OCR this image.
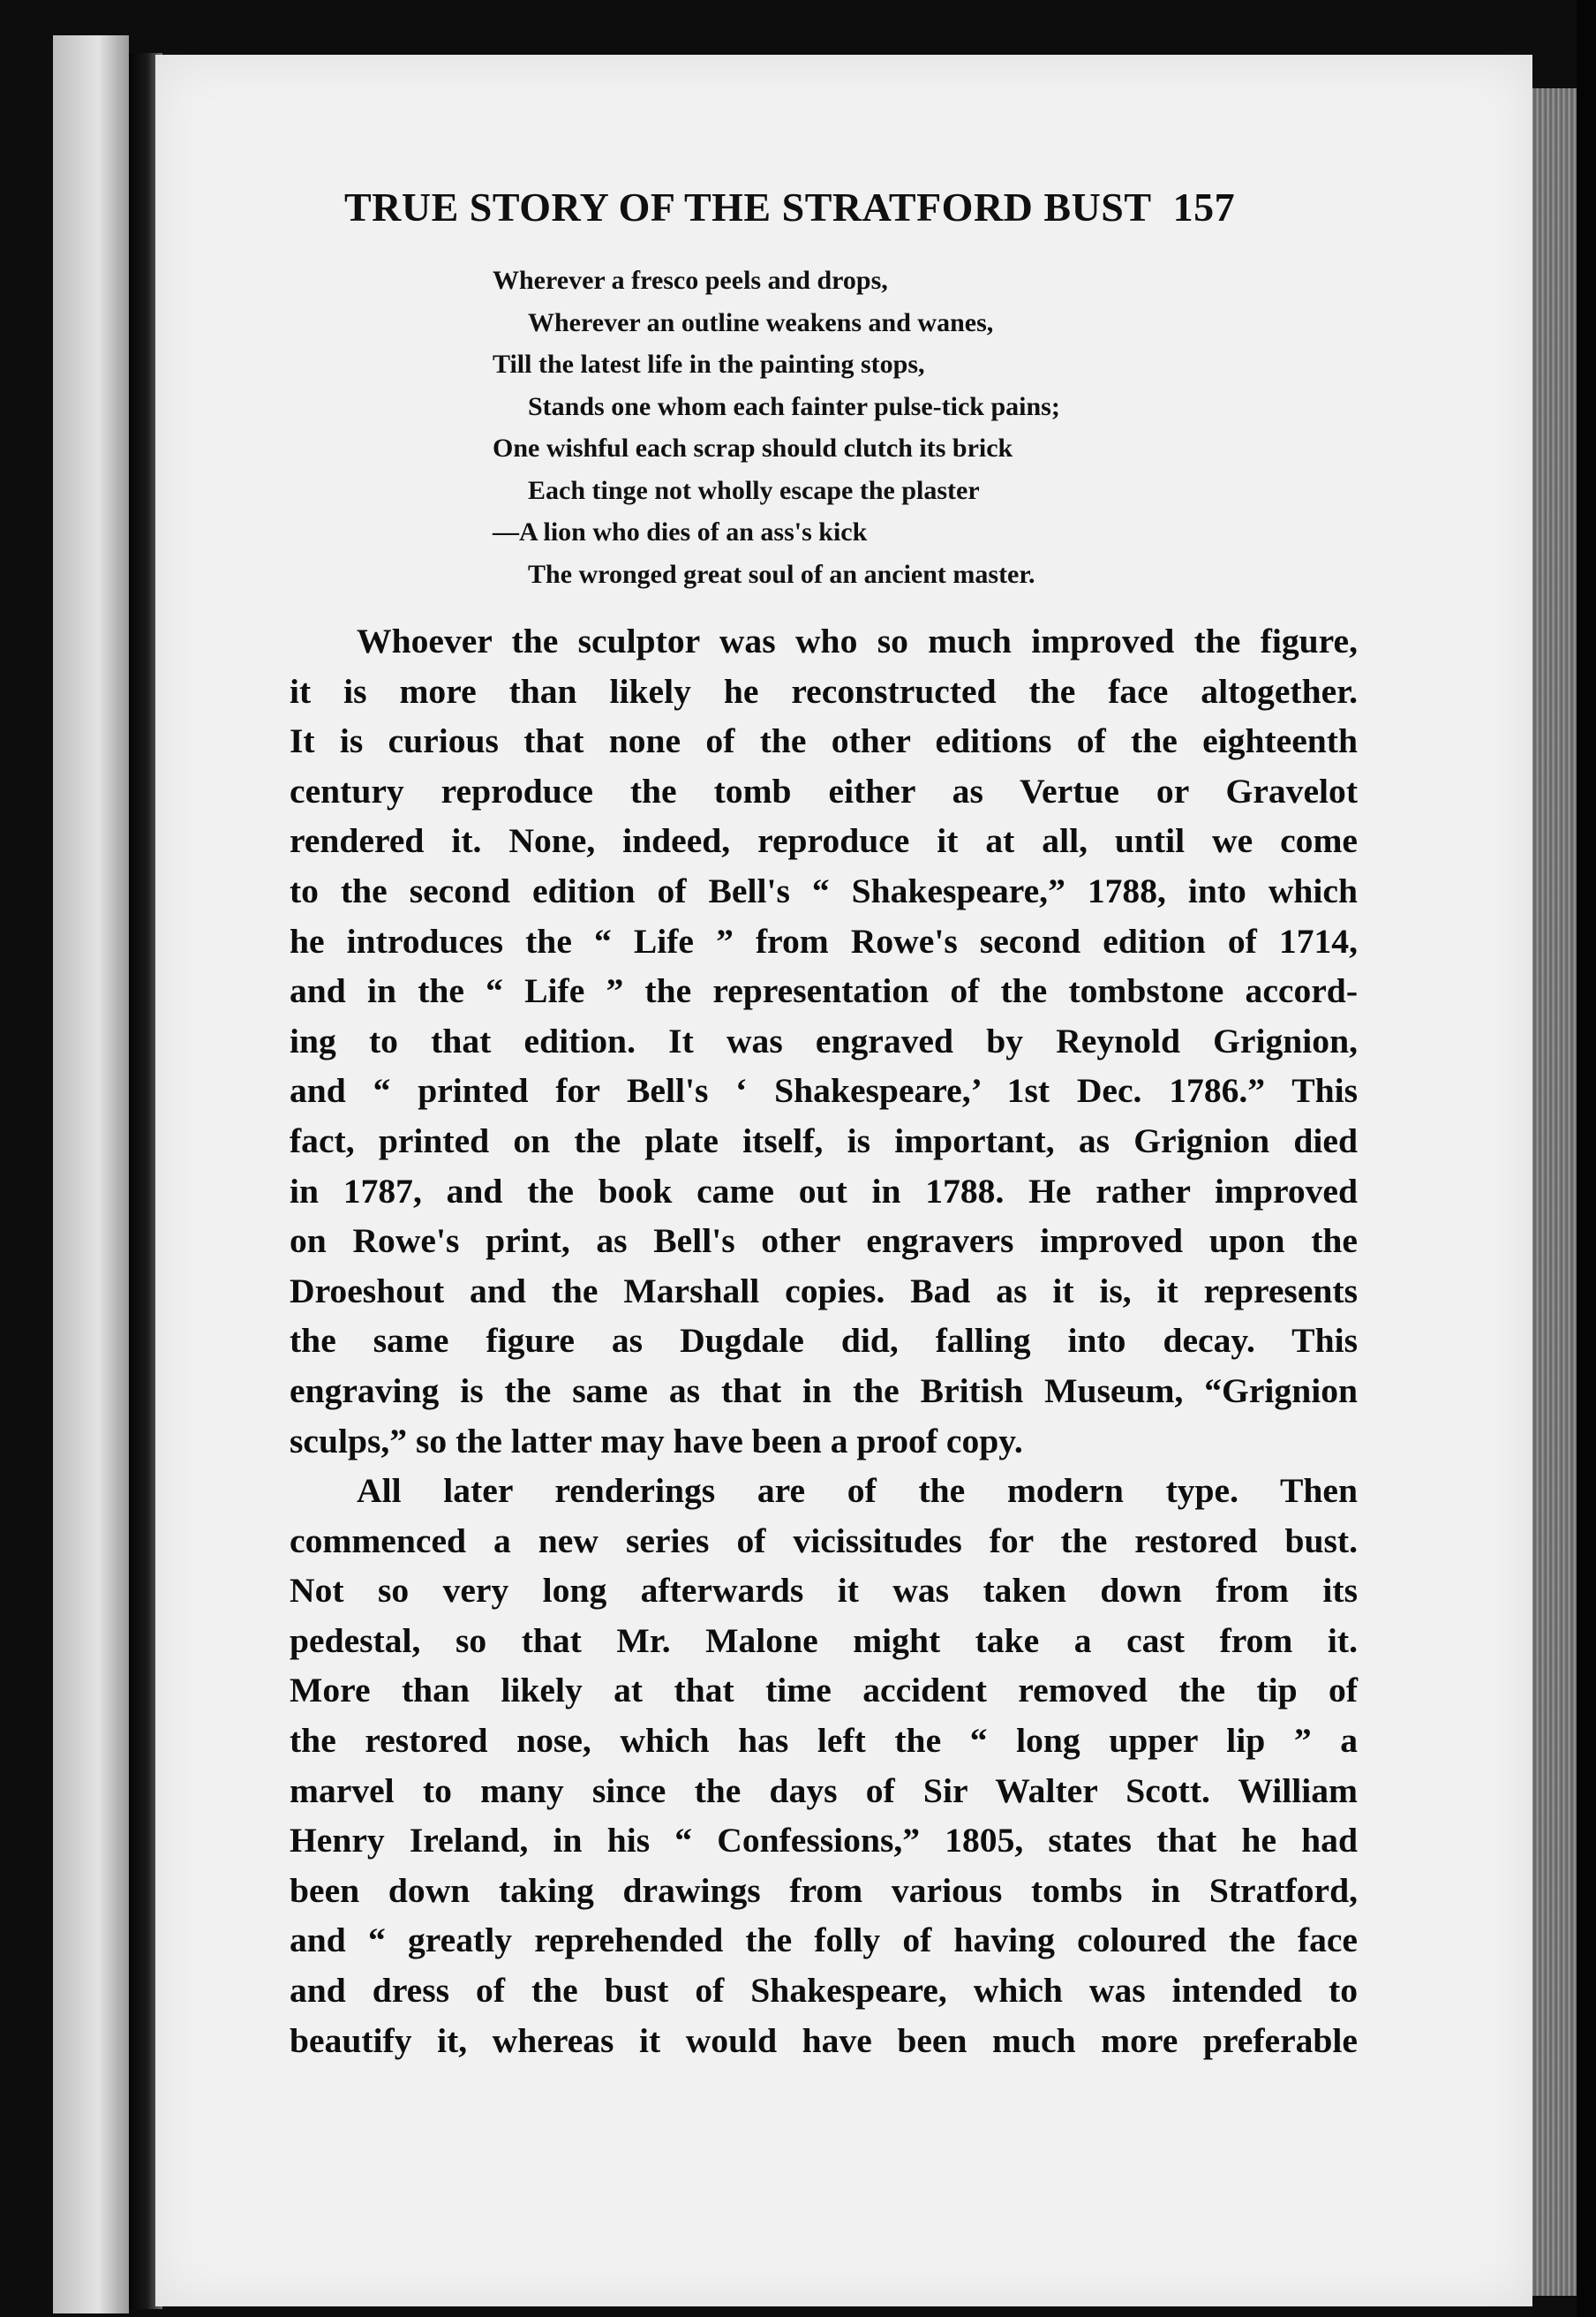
TRUE STORY OF THE STRATFORD BUST 157
Wherever a fresco peels and drops,
Wherever an outline weakens and wanes,
Till the latest life in the painting stops,
Stands one whom each fainter pulse-tick pains;
One wishful each scrap should clutch its brick
Each tinge not wholly escape the plaster
—A lion who dies of an ass's kick
The wronged great soul of an ancient master.
Whoever the sculptor was who so much improved the figure,
it is more than likely he reconstructed the face altogether.
It is curious that none of the other editions of the eighteenth
century reproduce the tomb either as Vertue or Gravelot
rendered it. None, indeed, reproduce it at all, until we come
to the second edition of Bell's “ Shakespeare,” 1788, into which
he introduces the “ Life ” from Rowe's second edition of 1714,
and in the “ Life ” the representation of the tombstone accord-
ing to that edition. It was engraved by Reynold Grignion,
and “ printed for Bell's ‘ Shakespeare,’ 1st Dec. 1786.” This
fact, printed on the plate itself, is important, as Grignion died
in 1787, and the book came out in 1788. He rather improved
on Rowe's print, as Bell's other engravers improved upon the
Droeshout and the Marshall copies. Bad as it is, it represents
the same figure as Dugdale did, falling into decay. This
engraving is the same as that in the British Museum, “Grignion
sculps,” so the latter may have been a proof copy.
All later renderings are of the modern type. Then
commenced a new series of vicissitudes for the restored bust.
Not so very long afterwards it was taken down from its
pedestal, so that Mr. Malone might take a cast from it.
More than likely at that time accident removed the tip of
the restored nose, which has left the “ long upper lip ” a
marvel to many since the days of Sir Walter Scott. William
Henry Ireland, in his “ Confessions,” 1805, states that he had
been down taking drawings from various tombs in Stratford,
and “ greatly reprehended the folly of having coloured the face
and dress of the bust of Shakespeare, which was intended to
beautify it, whereas it would have been much more preferable
